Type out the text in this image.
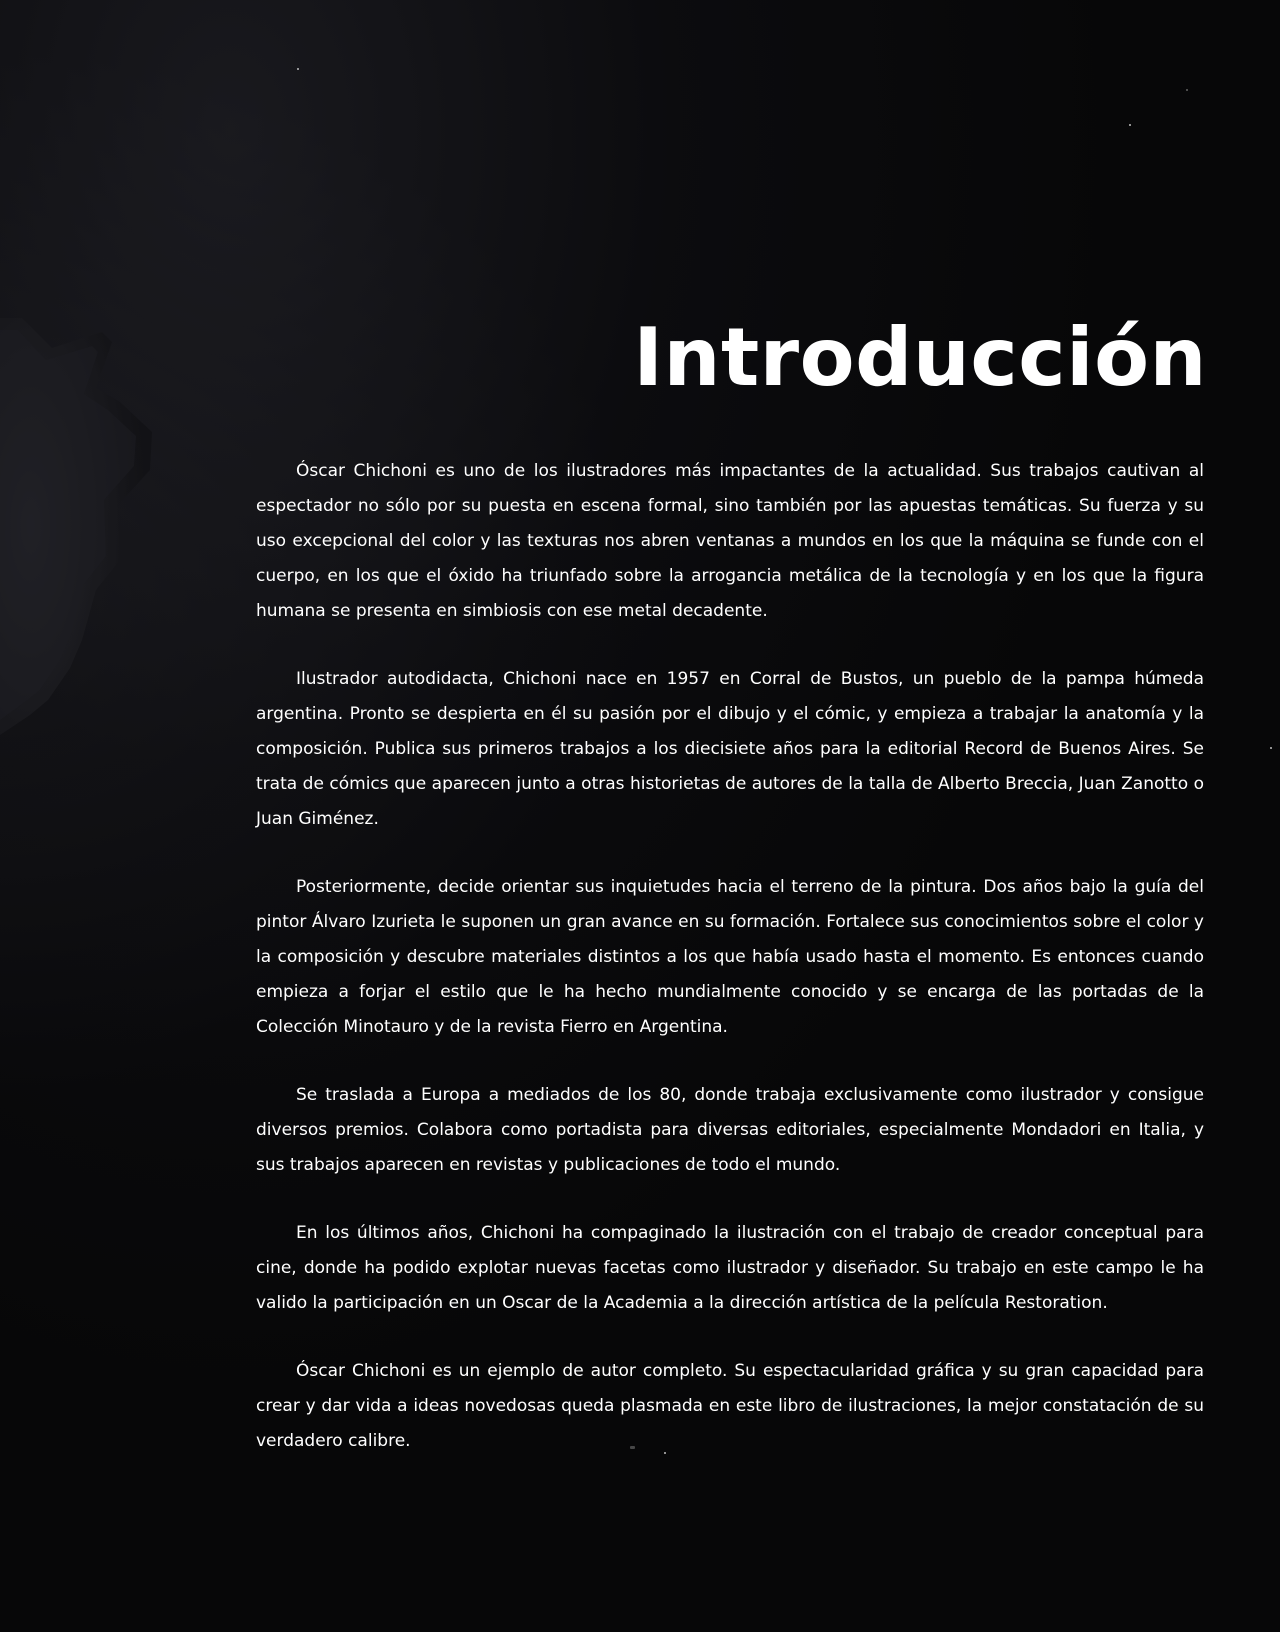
Introducción

Óscar Chichoni es uno de los ilustradores más impactantes de la actualidad. Sus trabajos cautivan al espectador no sólo por su puesta en escena formal, sino también por las apuestas temáticas. Su fuerza y su uso excepcional del color y las texturas nos abren ventanas a mundos en los que la máquina se funde con el cuerpo, en los que el óxido ha triunfado sobre la arrogancia metálica de la tecnología y en los que la figura humana se presenta en simbiosis con ese metal decadente.

Ilustrador autodidacta, Chichoni nace en 1957 en Corral de Bustos, un pueblo de la pampa húmeda argentina. Pronto se despierta en él su pasión por el dibujo y el cómic, y empieza a trabajar la anatomía y la composición. Publica sus primeros trabajos a los diecisiete años para la editorial Record de Buenos Aires. Se trata de cómics que aparecen junto a otras historietas de autores de la talla de Alberto Breccia, Juan Zanotto o Juan Giménez.

Posteriormente, decide orientar sus inquietudes hacia el terreno de la pintura. Dos años bajo la guía del pintor Álvaro Izurieta le suponen un gran avance en su formación. Fortalece sus conocimientos sobre el color y la composición y descubre materiales distintos a los que había usado hasta el momento. Es entonces cuando empieza a forjar el estilo que le ha hecho mundialmente conocido y se encarga de las portadas de la Colección Minotauro y de la revista Fierro en Argentina.

Se traslada a Europa a mediados de los 80, donde trabaja exclusivamente como ilustrador y consigue diversos premios. Colabora como portadista para diversas editoriales, especialmente Mondadori en Italia, y sus trabajos aparecen en revistas y publicaciones de todo el mundo.

En los últimos años, Chichoni ha compaginado la ilustración con el trabajo de creador conceptual para cine, donde ha podido explotar nuevas facetas como ilustrador y diseñador. Su trabajo en este campo le ha valido la participación en un Oscar de la Academia a la dirección artística de la película Restoration.

Óscar Chichoni es un ejemplo de autor completo. Su espectacularidad gráfica y su gran capacidad para crear y dar vida a ideas novedosas queda plasmada en este libro de ilustraciones, la mejor constatación de su verdadero calibre.
